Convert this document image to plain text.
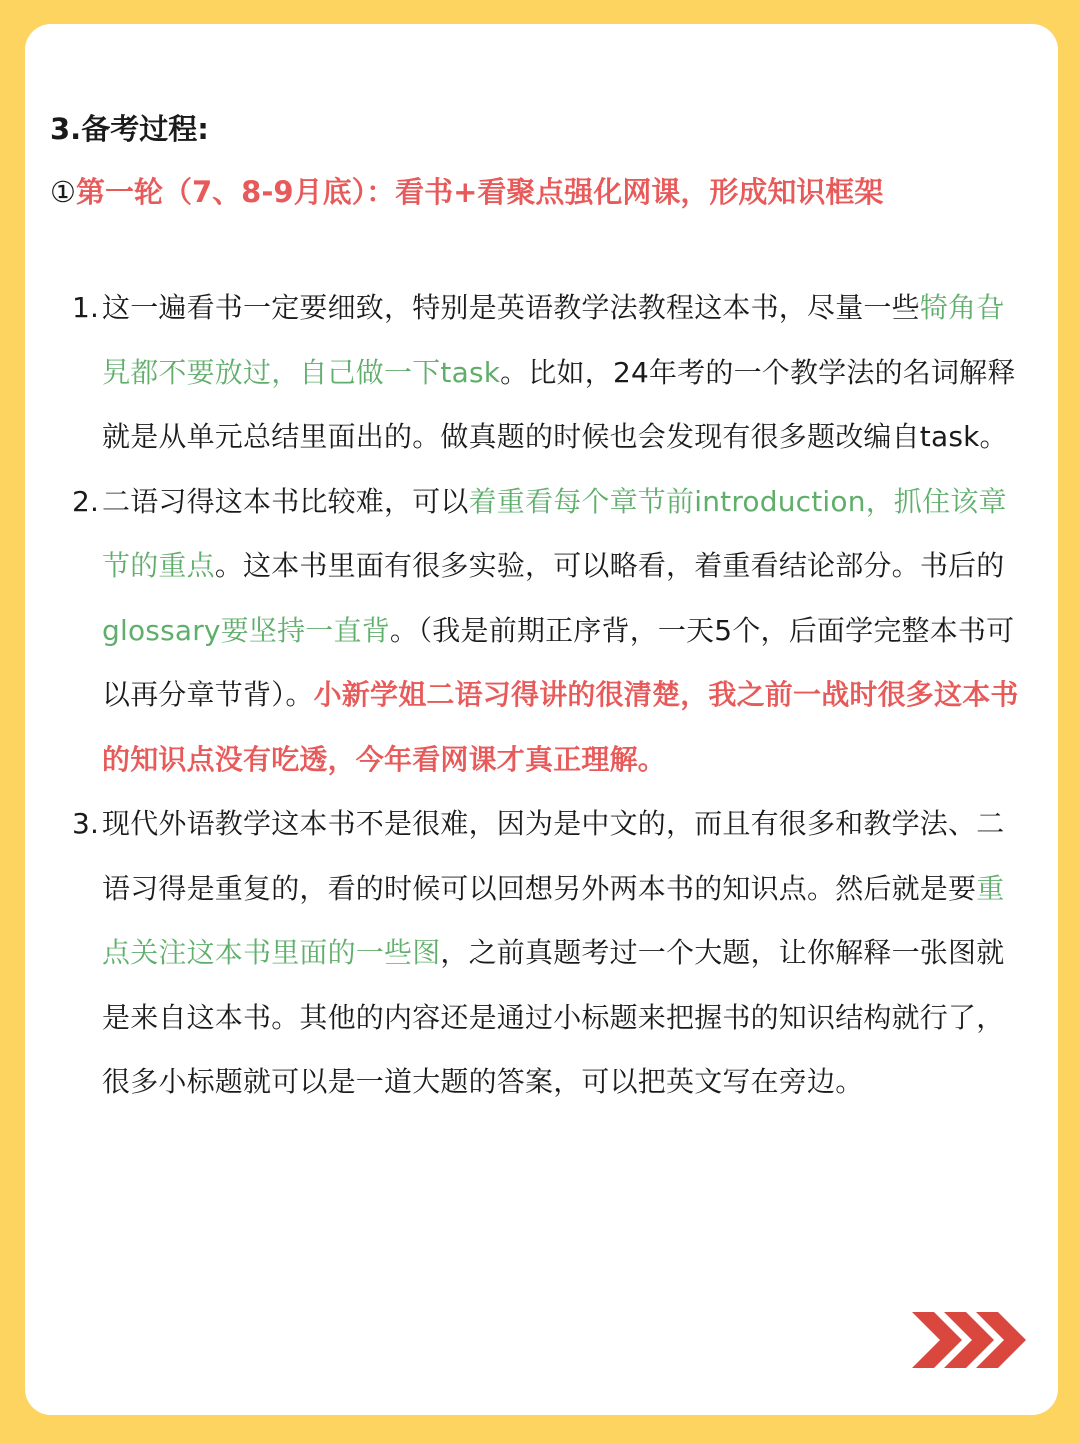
3.备考过程:
①第一轮（7、8-9月底）：看书+看聚点强化网课，形成知识框架
1. 这一遍看书一定要细致，特别是英语教学法教程这本书，尽量一些犄角旮旯都不要放过，自己做一下task。比如，24年考的一个教学法的名词解释就是从单元总结里面出的。做真题的时候也会发现有很多题改编自task。
2. 二语习得这本书比较难，可以着重看每个章节前introduction，抓住该章节的重点。这本书里面有很多实验，可以略看，着重看结论部分。书后的glossary要坚持一直背。（我是前期正序背，一天5个，后面学完整本书可以再分章节背）。小新学姐二语习得讲的很清楚，我之前一战时很多这本书的知识点没有吃透，今年看网课才真正理解。
3. 现代外语教学这本书不是很难，因为是中文的，而且有很多和教学法、二语习得是重复的，看的时候可以回想另外两本书的知识点。然后就是要重点关注这本书里面的一些图，之前真题考过一个大题，让你解释一张图就是来自这本书。其他的内容还是通过小标题来把握书的知识结构就行了，很多小标题就可以是一道大题的答案，可以把英文写在旁边。
